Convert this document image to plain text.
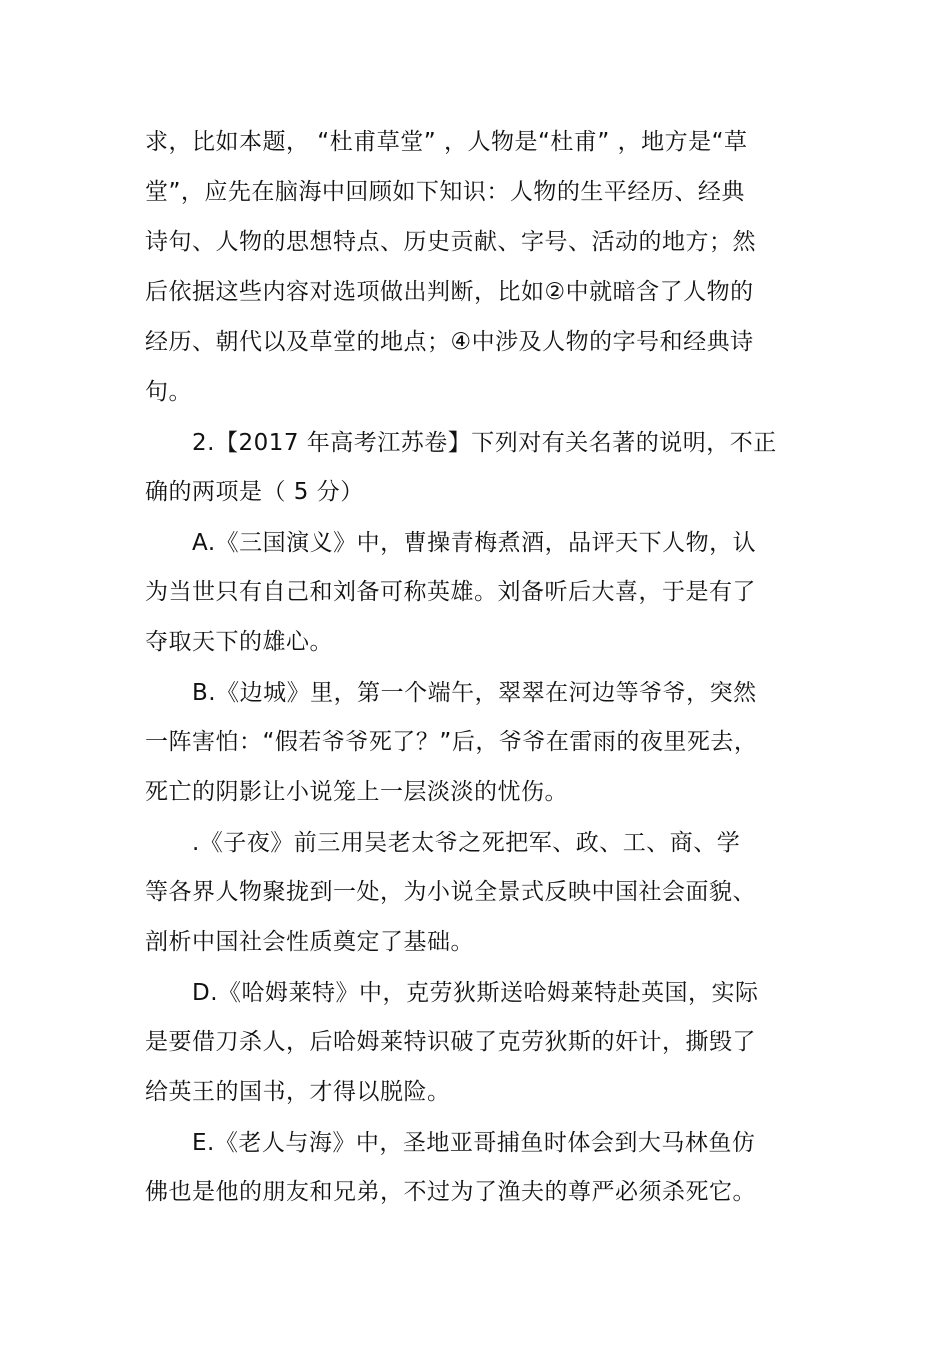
求，比如本题， “杜甫草堂” ，人物是“杜甫” ，地方是“草
堂”，应先在脑海中回顾如下知识：人物的生平经历、经典
诗句、人物的思想特点、历史贡献、字号、活动的地方；然
后依据这些内容对选项做出判断，比如②中就暗含了人物的
经历、朝代以及草堂的地点；④中涉及人物的字号和经典诗
句。
2.【2017 年高考江苏卷】下列对有关名著的说明，不正
确的两项是（ 5 分）
A.《三国演义》中，曹操青梅煮酒，品评天下人物，认
为当世只有自己和刘备可称英雄。刘备听后大喜，于是有了
夺取天下的雄心。
B.《边城》里，第一个端午，翠翠在河边等爷爷，突然
一阵害怕：“假若爷爷死了？”后，爷爷在雷雨的夜里死去，
死亡的阴影让小说笼上一层淡淡的忧伤。
.《子夜》前三用吴老太爷之死把军、政、工、商、学
等各界人物聚拢到一处，为小说全景式反映中国社会面貌、
剖析中国社会性质奠定了基础。
D.《哈姆莱特》中，克劳狄斯送哈姆莱特赴英国，实际
是要借刀杀人，后哈姆莱特识破了克劳狄斯的奸计，撕毁了
给英王的国书，才得以脱险。
E.《老人与海》中，圣地亚哥捕鱼时体会到大马林鱼仿
佛也是他的朋友和兄弟，不过为了渔夫的尊严必须杀死它。
